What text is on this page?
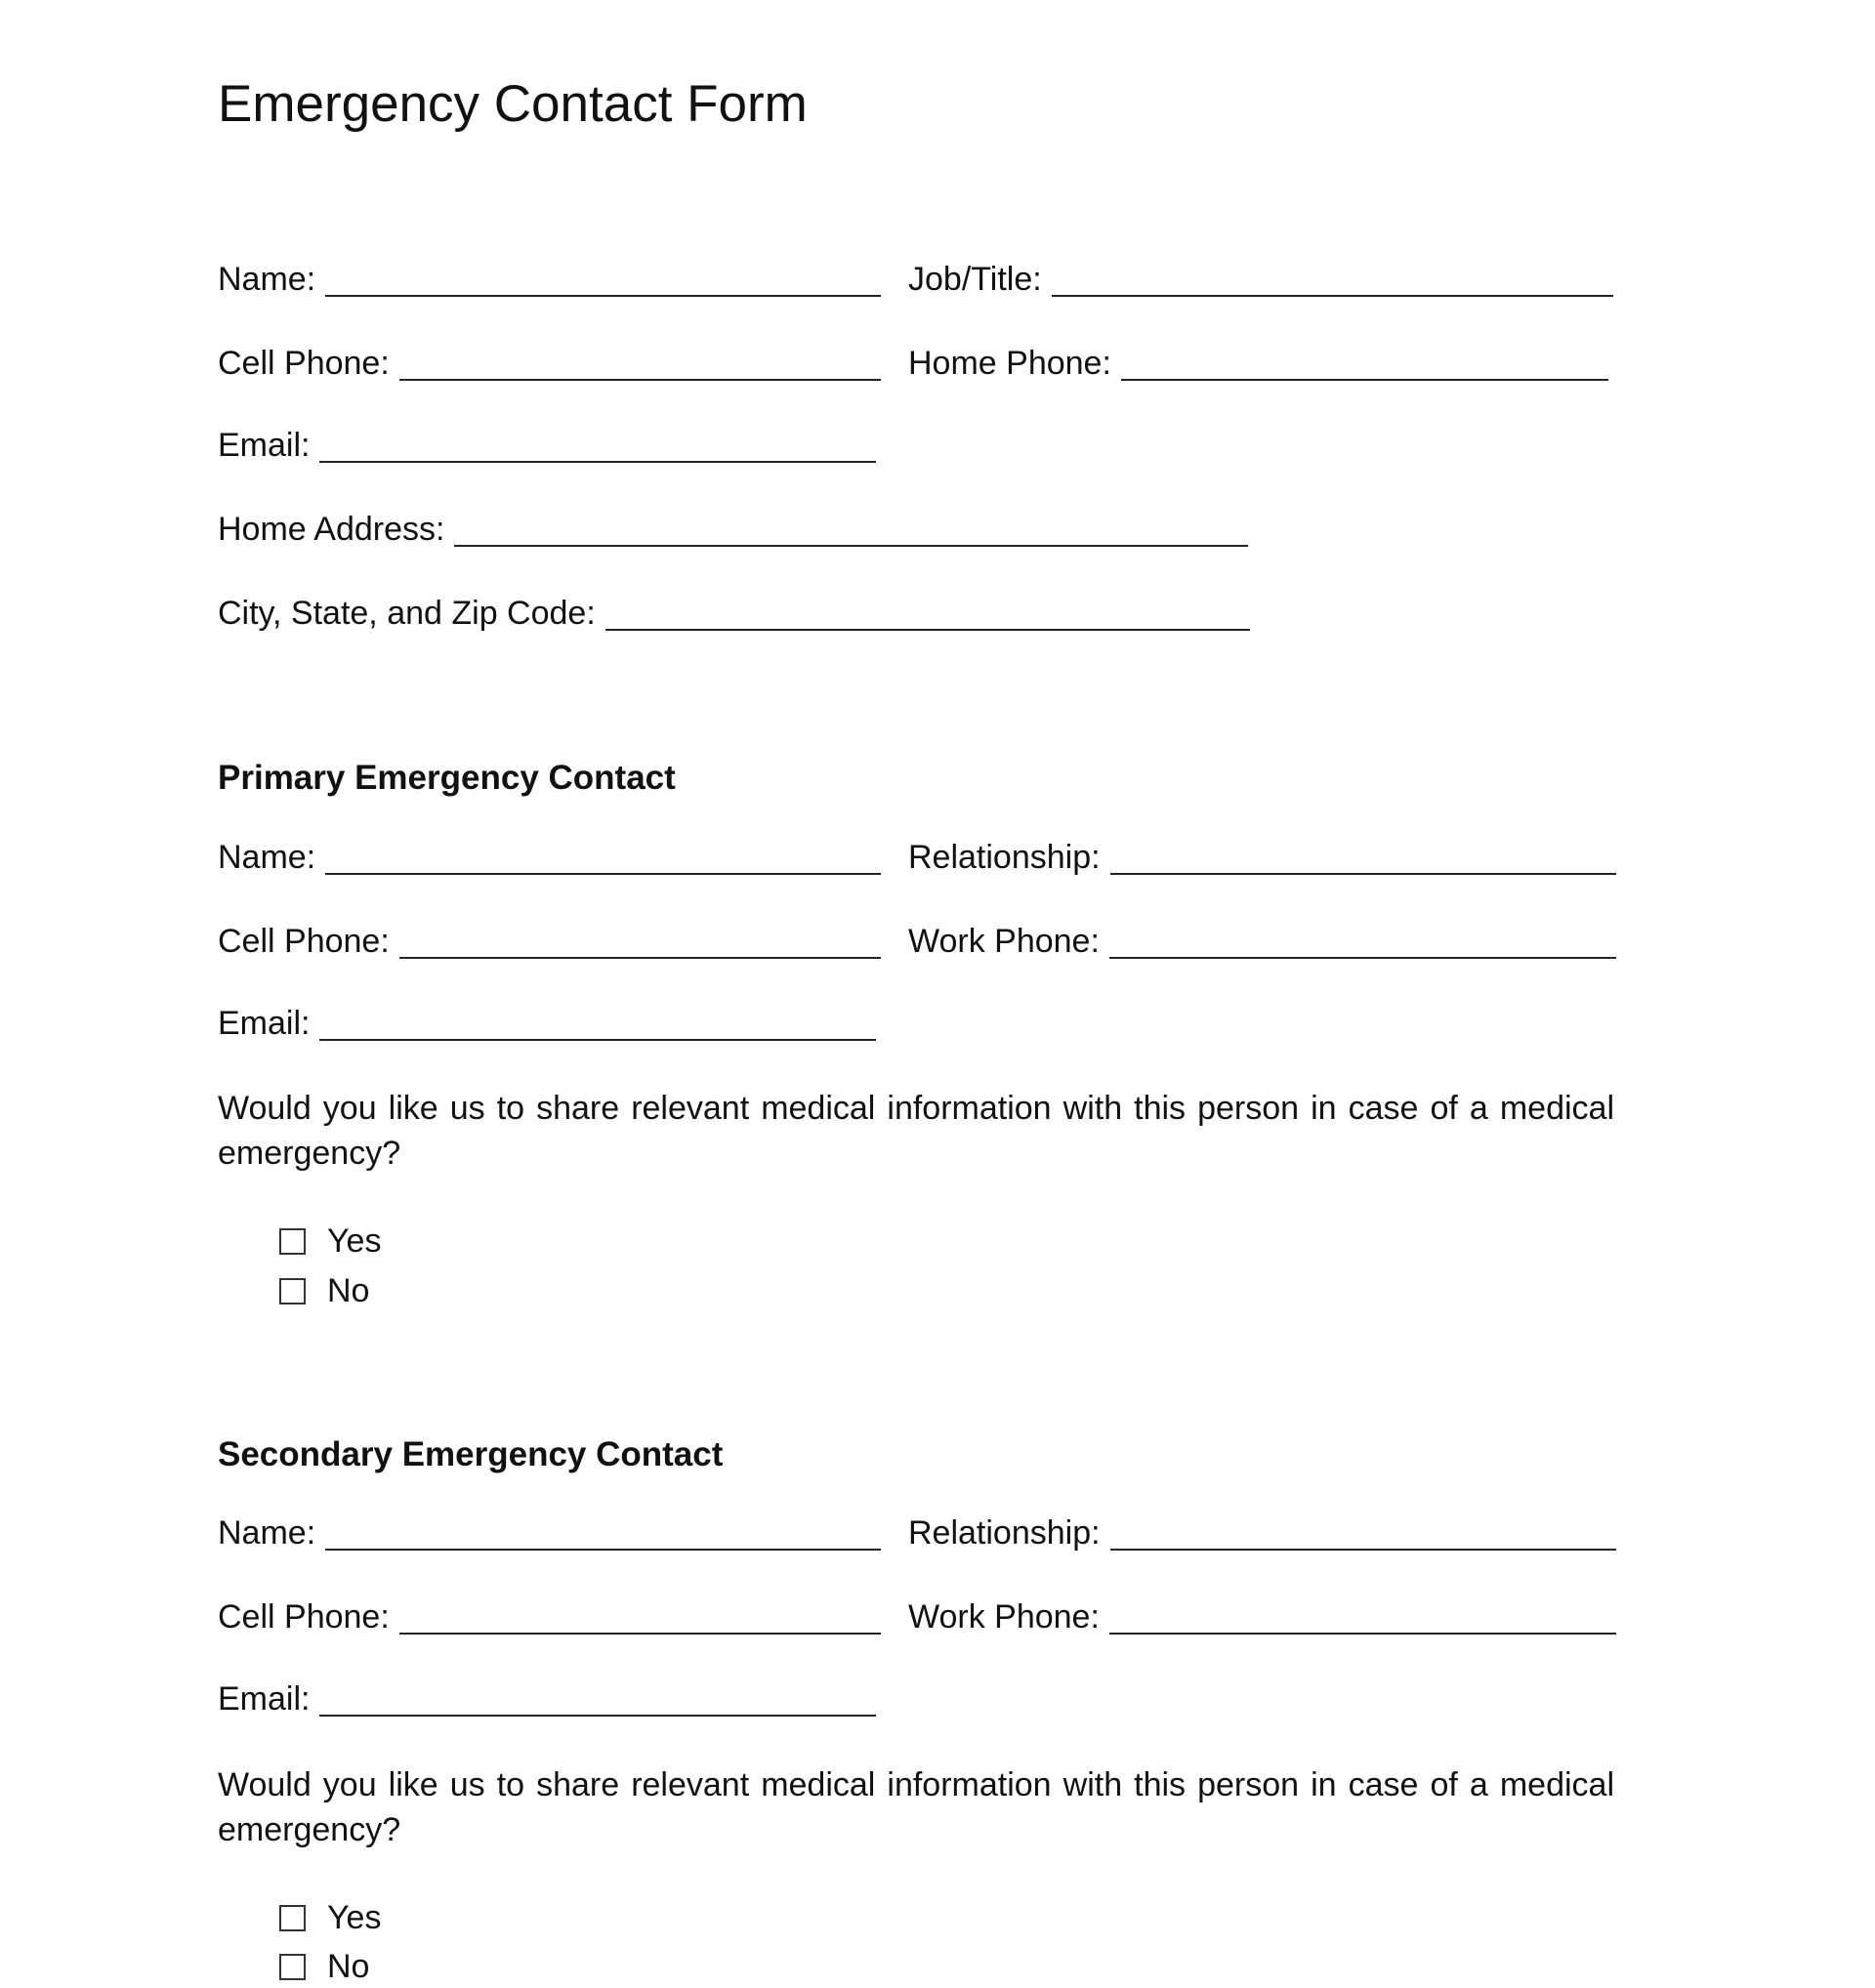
Emergency Contact Form
Name:	Job/Title:
Cell Phone:	Home Phone:
Email:
Home Address:
City, State, and Zip Code:
Primary Emergency Contact
Name:	Relationship:
Cell Phone:	Work Phone:
Email:
Would you like us to share relevant medical information with this person in case of a medical emergency?
Yes
No
Secondary Emergency Contact
Name:	Relationship:
Cell Phone:	Work Phone:
Email:
Would you like us to share relevant medical information with this person in case of a medical emergency?
Yes
No
